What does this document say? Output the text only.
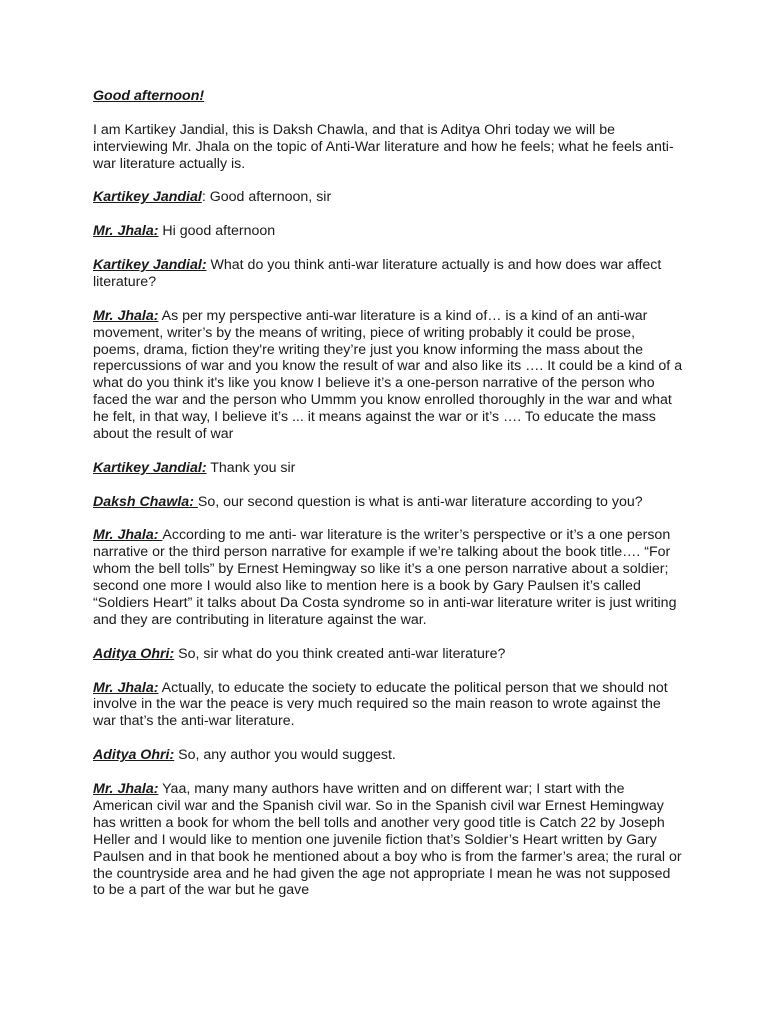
Good afternoon!

I am Kartikey Jandial, this is Daksh Chawla, and that is Aditya Ohri today we will be interviewing Mr. Jhala on the topic of Anti-War literature and how he feels; what he feels anti-war literature actually is.

Kartikey Jandial: Good afternoon, sir

Mr. Jhala: Hi good afternoon

Kartikey Jandial: What do you think anti-war literature actually is and how does war affect literature?

Mr. Jhala: As per my perspective anti-war literature is a kind of… is a kind of an anti-war movement, writer’s by the means of writing, piece of writing probably it could be prose, poems, drama, fiction they're writing they’re just you know informing the mass about the repercussions of war and you know the result of war and also like its …. It could be a kind of a what do you think it's like you know I believe it’s a one-person narrative of the person who faced the war and the person who Ummm you know enrolled thoroughly in the war and what he felt, in that way, I believe it’s ... it means against the war or it’s …. To educate the mass about the result of war

Kartikey Jandial: Thank you sir

Daksh Chawla: So, our second question is what is anti-war literature according to you?

Mr. Jhala: According to me anti- war literature is the writer’s perspective or it’s a one person narrative or the third person narrative for example if we’re talking about the book title…. “For whom the bell tolls” by Ernest Hemingway so like it’s a one person narrative about a soldier; second one more I would also like to mention here is a book by Gary Paulsen it’s called “Soldiers Heart” it talks about Da Costa syndrome so in anti-war literature writer is just writing and they are contributing in literature against the war.

Aditya Ohri: So, sir what do you think created anti-war literature?

Mr. Jhala: Actually, to educate the society to educate the political person that we should not involve in the war the peace is very much required so the main reason to wrote against the war that’s the anti-war literature.

Aditya Ohri: So, any author you would suggest.

Mr. Jhala: Yaa, many many authors have written and on different war; I start with the American civil war and the Spanish civil war. So in the Spanish civil war Ernest Hemingway has written a book for whom the bell tolls and another very good title is Catch 22 by Joseph Heller and I would like to mention one juvenile fiction that’s Soldier’s Heart written by Gary Paulsen and in that book he mentioned about a boy who is from the farmer’s area; the rural or the countryside area and he had given the age not appropriate I mean he was not supposed to be a part of the war but he gave
